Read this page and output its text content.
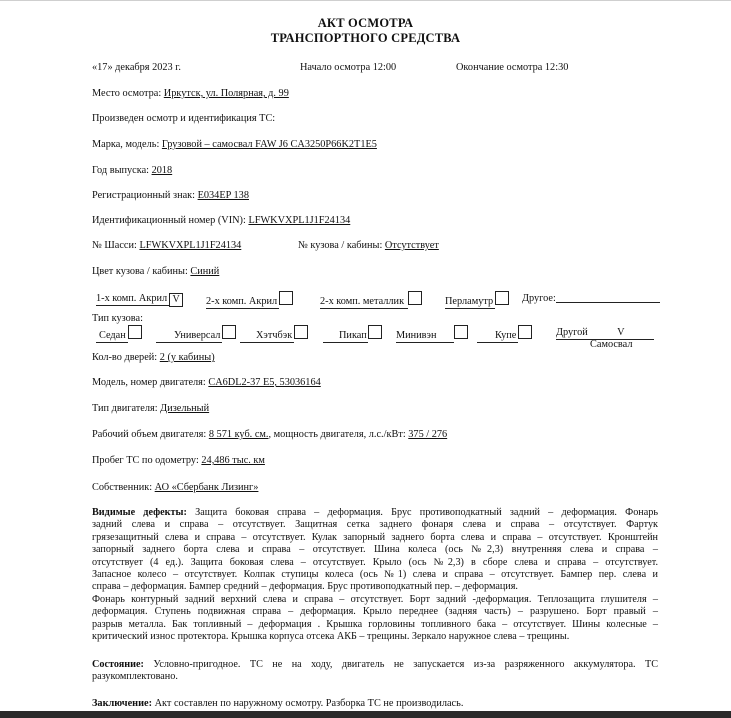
АКТ ОСМОТРА
ТРАНСПОРТНОГО СРЕДСТВА
«17» декабря 2023 г.	Начало осмотра 12:00	Окончание осмотра 12:30
Место осмотра: Иркутск, ул. Полярная, д. 99
Произведен осмотр и идентификация ТС:
Марка, модель: Грузовой – самосвал FAW J6 CA3250P66K2T1E5
Год выпуска: 2018
Регистрационный знак: E034EP 138
Идентификационный номер (VIN): LFWKVXPL1J1F24134
№ Шасси: LFWKVXPL1J1F24134	№ кузова / кабины: Отсутствует
Цвет кузова / кабины: Синий
1-х комп. Акрил V	2-х комп. Акрил	2-х комп. металлик	Перламутр	Другое:
Тип кузова:
Седан	Универсал	Хэтчбэк	Пикап	Минивэн	Купе	Другой	V
Самосвал
Кол-во дверей: 2 (у кабины)
Модель, номер двигателя: CA6DL2-37 E5, 53036164
Тип двигателя: Дизельный
Рабочий объем двигателя: 8 571 куб. см., мощность двигателя, л.с./кВт: 375 / 276
Пробег ТС по одометру: 24,486 тыс. км
Собственник: АО «Сбербанк Лизинг»
Видимые дефекты: Защита боковая справа – деформация. Брус противоподкатный задний – деформация. Фонарь
задний слева и справа – отсутствует. Защитная сетка заднего фонаря слева и справа – отсутствует. Фартук
грязезащитный слева и справа – отсутствует. Кулак запорный заднего борта слева и справа – отсутствует. Кронштейн
запорный заднего борта слева и справа – отсутствует. Шина колеса (ось №2,3) внутренняя слева и справа –
отсутствует (4 ед.). Защита боковая слева – отсутствует. Крыло (ось №2,3) в сборе слева и справа – отсутствует.
Запасное колесо – отсутствует. Колпак ступицы колеса (ось №1) слева и справа – отсутствует. Бампер пер. слева и
справа – деформация. Бампер средний – деформация. Брус противоподкатный пер. – деформация.
Фонарь контурный задний верхний слева и справа – отсутствует. Борт задний -деформация. Теплозащита глушителя –
деформация. Ступень подвижная справа – деформация. Крыло переднее (задняя часть) – разрушено. Борт правый –
разрыв металла. Бак топливный – деформация . Крышка горловины топливного бака – отсутствует. Шины колесные –
критический износ протектора. Крышка корпуса отсека АКБ – трещины. Зеркало наружное слева – трещины.
Состояние: Условно-пригодное. ТС не на ходу, двигатель не запускается из-за разряженного аккумулятора. ТС
разукомплектовано.
Заключение: Акт составлен по наружному осмотру. Разборка ТС не производилась.
